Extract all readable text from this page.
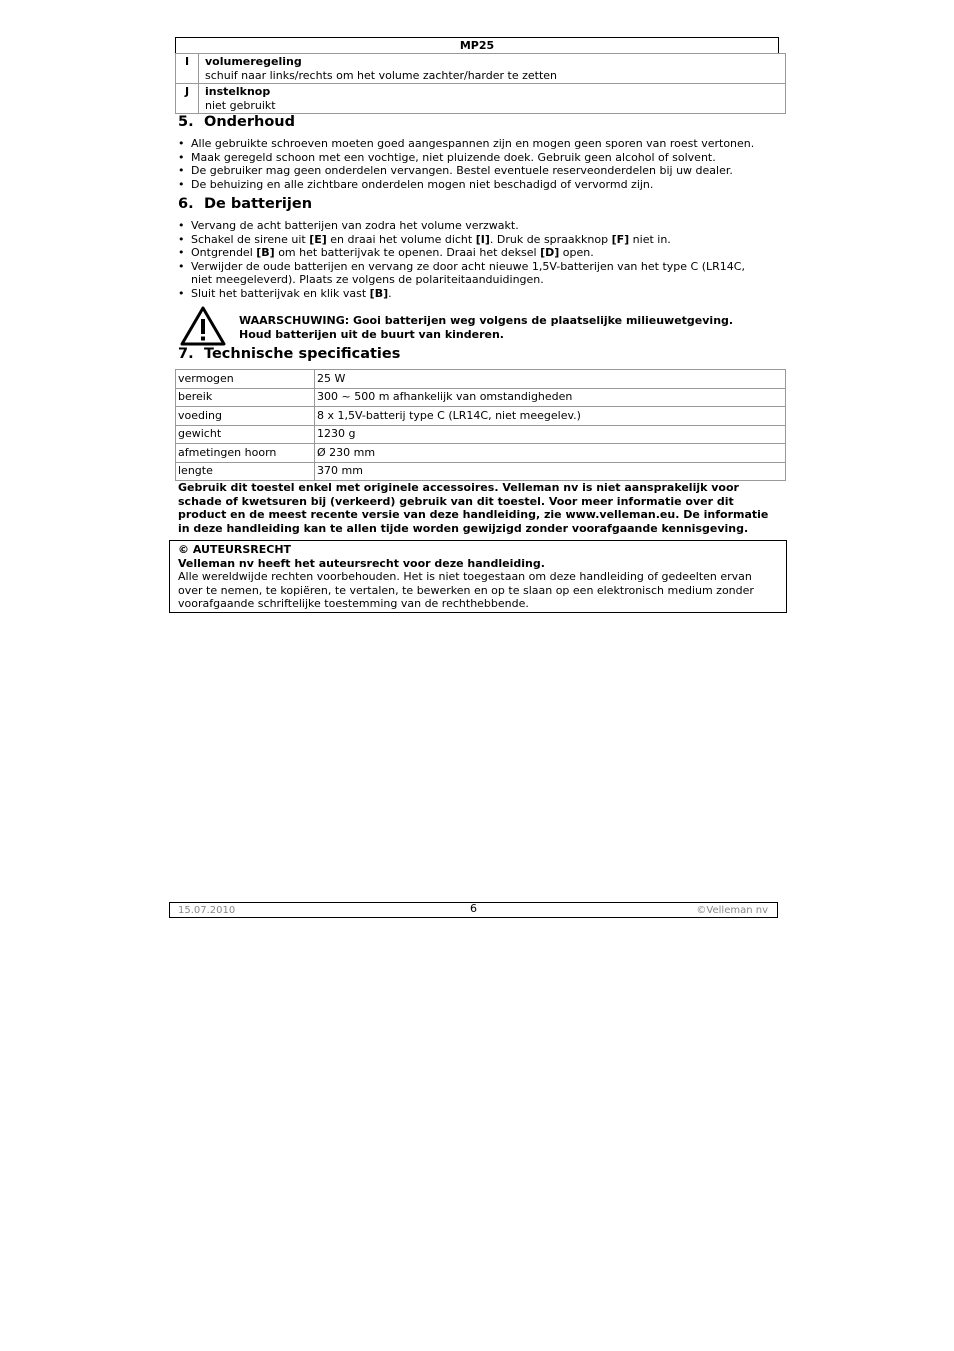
MP25
I	volumeregeling
schuif naar links/rechts om het volume zachter/harder te zetten
J	instelknop
niet gebruikt
5. Onderhoud
• Alle gebruikte schroeven moeten goed aangespannen zijn en mogen geen sporen van roest vertonen.
• Maak geregeld schoon met een vochtige, niet pluizende doek. Gebruik geen alcohol of solvent.
• De gebruiker mag geen onderdelen vervangen. Bestel eventuele reserveonderdelen bij uw dealer.
• De behuizing en alle zichtbare onderdelen mogen niet beschadigd of vervormd zijn.
6. De batterijen
• Vervang de acht batterijen van zodra het volume verzwakt.
• Schakel de sirene uit [E] en draai het volume dicht [I]. Druk de spraakknop [F] niet in.
• Ontgrendel [B] om het batterijvak te openen. Draai het deksel [D] open.
• Verwijder de oude batterijen en vervang ze door acht nieuwe 1,5V-batterijen van het type C (LR14C,
niet meegeleverd). Plaats ze volgens de polariteitaanduidingen.
• Sluit het batterijvak en klik vast [B].
WAARSCHUWING: Gooi batterijen weg volgens de plaatselijke milieuwetgeving.
Houd batterijen uit de buurt van kinderen.
7. Technische specificaties
vermogen	25 W
bereik	300 ~ 500 m afhankelijk van omstandigheden
voeding	8 x 1,5V-batterij type C (LR14C, niet meegelev.)
gewicht	1230 g
afmetingen hoorn	Ø 230 mm
lengte	370 mm
Gebruik dit toestel enkel met originele accessoires. Velleman nv is niet aansprakelijk voor
schade of kwetsuren bij (verkeerd) gebruik van dit toestel. Voor meer informatie over dit
product en de meest recente versie van deze handleiding, zie www.velleman.eu. De informatie
in deze handleiding kan te allen tijde worden gewijzigd zonder voorafgaande kennisgeving.
© AUTEURSRECHT
Velleman nv heeft het auteursrecht voor deze handleiding.
Alle wereldwijde rechten voorbehouden. Het is niet toegestaan om deze handleiding of gedeelten ervan
over te nemen, te kopiëren, te vertalen, te bewerken en op te slaan op een elektronisch medium zonder
voorafgaande schriftelijke toestemming van de rechthebbende.
15.07.2010	6	©Velleman nv
